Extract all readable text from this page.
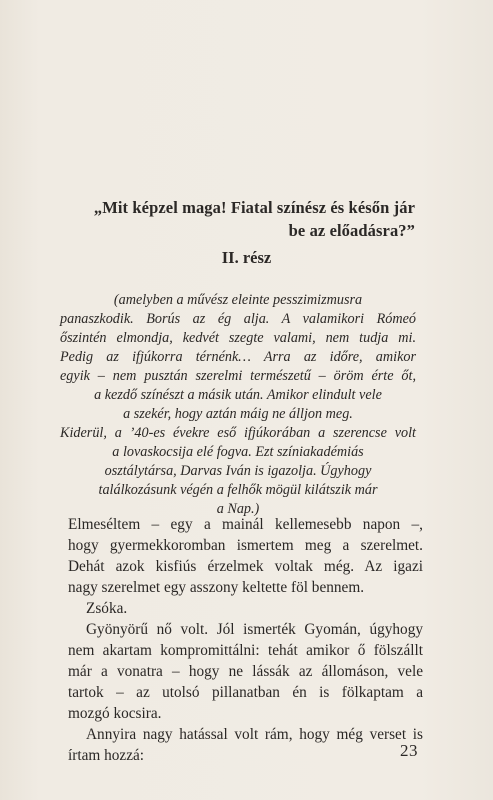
„Mit képzel maga! Fiatal színész és későn jár
be az előadásra?”
II. rész
(amelyben a művész eleinte pesszimizmusra
panaszkodik. Borús az ég alja. A valamikori Rómeó
őszintén elmondja, kedvét szegte valami, nem tudja mi.
Pedig az ifjúkorra térnénk… Arra az időre, amikor
egyik – nem pusztán szerelmi természetű – öröm érte őt,
a kezdő színészt a másik után. Amikor elindult vele
a szekér, hogy aztán máig ne álljon meg.
Kiderül, a ’40-es évekre eső ifjúkorában a szerencse volt
a lovaskocsija elé fogva. Ezt színiakadémiás
osztálytársa, Darvas Iván is igazolja. Úgyhogy
találkozásunk végén a felhők mögül kilátszik már
a Nap.)
Elmeséltem – egy a mainál kellemesebb napon –,
hogy gyermekkoromban ismertem meg a szerelmet.
Dehát azok kisfiús érzelmek voltak még. Az igazi
nagy szerelmet egy asszony keltette föl bennem.
Zsóka.
Gyönyörű nő volt. Jól ismerték Gyomán, úgyhogy
nem akartam kompromittálni: tehát amikor ő fölszállt
már a vonatra – hogy ne lássák az állomáson, vele
tartok – az utolsó pillanatban én is fölkaptam a
mozgó kocsira.
Annyira nagy hatással volt rám, hogy még verset is
írtam hozzá:	23
